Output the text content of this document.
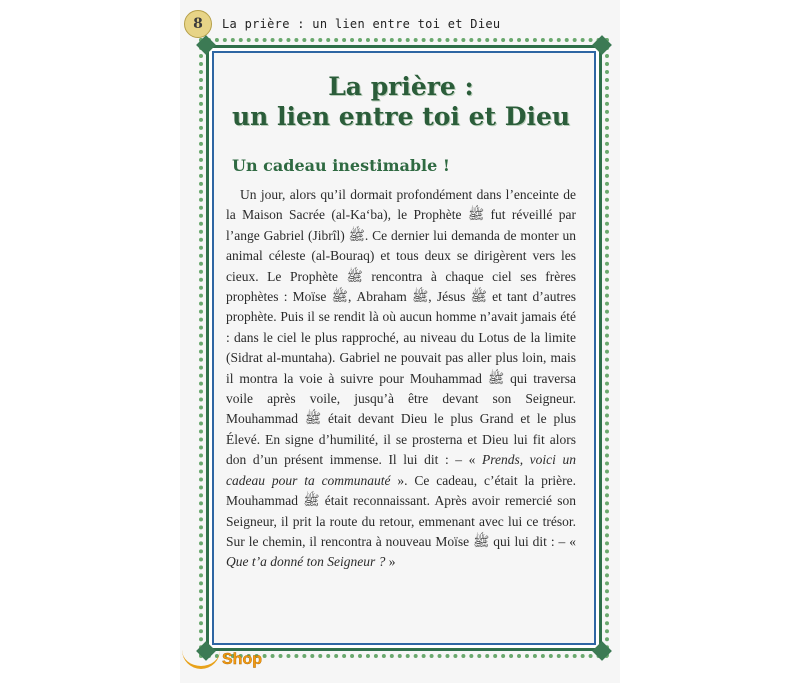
8	La prière : un lien entre toi et Dieu
La prière :
un lien entre toi et Dieu
Un cadeau inestimable !

Un jour, alors qu’il dormait profondément dans l’enceinte de la Maison Sacrée (al-Ka‘ba), le Prophète ﷺ fut réveillé par l’ange Gabriel (Jibrîl) ﷺ. Ce dernier lui demanda de monter un animal céleste (al-Bouraq) et tous deux se dirigèrent vers les cieux. Le Prophète ﷺ rencontra à chaque ciel ses frères prophètes : Moïse ﷺ, Abraham ﷺ, Jésus ﷺ et tant d’autres prophète. Puis il se rendit là où aucun homme n’avait jamais été : dans le ciel le plus rapproché, au niveau du Lotus de la limite (Sidrat al-muntaha). Gabriel ne pouvait pas aller plus loin, mais il montra la voie à suivre pour Mouhammad ﷺ qui traversa voile après voile, jusqu’à être devant son Seigneur. Mouhammad ﷺ était devant Dieu le plus Grand et le plus Élevé. En signe d’humilité, il se prosterna et Dieu lui fit alors don d’un présent immense. Il lui dit : – « Prends, voici un cadeau pour ta communauté ». Ce cadeau, c’était la prière. Mouhammad ﷺ était reconnaissant. Après avoir remercié son Seigneur, il prit la route du retour, emmenant avec lui ce trésor. Sur le chemin, il rencontra à nouveau Moïse ﷺ qui lui dit : – « Que t’a donné ton Seigneur ? »

Shop
